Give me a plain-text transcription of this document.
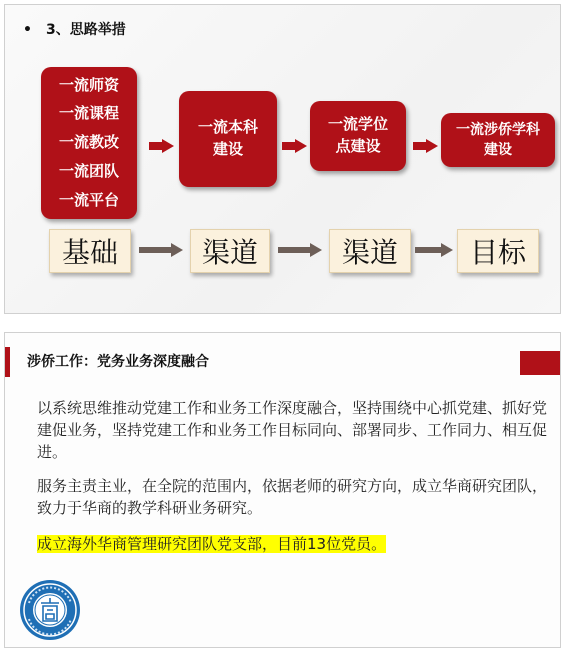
• 3、思路举措
一流师资
一流课程
一流教改
一流团队
一流平台
一流本科
建设
一流学位
点建设
一流涉侨学科
建设
基础	渠道	渠道	目标
涉侨工作：党务业务深度融合

以系统思维推动党建工作和业务工作深度融合，坚持围绕中心抓党建、抓好党建促业务，坚持党建工作和业务工作目标同向、部署同步、工作同力、相互促进。

服务主责主业，在全院的范围内，依据老师的研究方向，成立华商研究团队，致力于华商的教学科研业务研究。

成立海外华商管理研究团队党支部，目前13位党员。
